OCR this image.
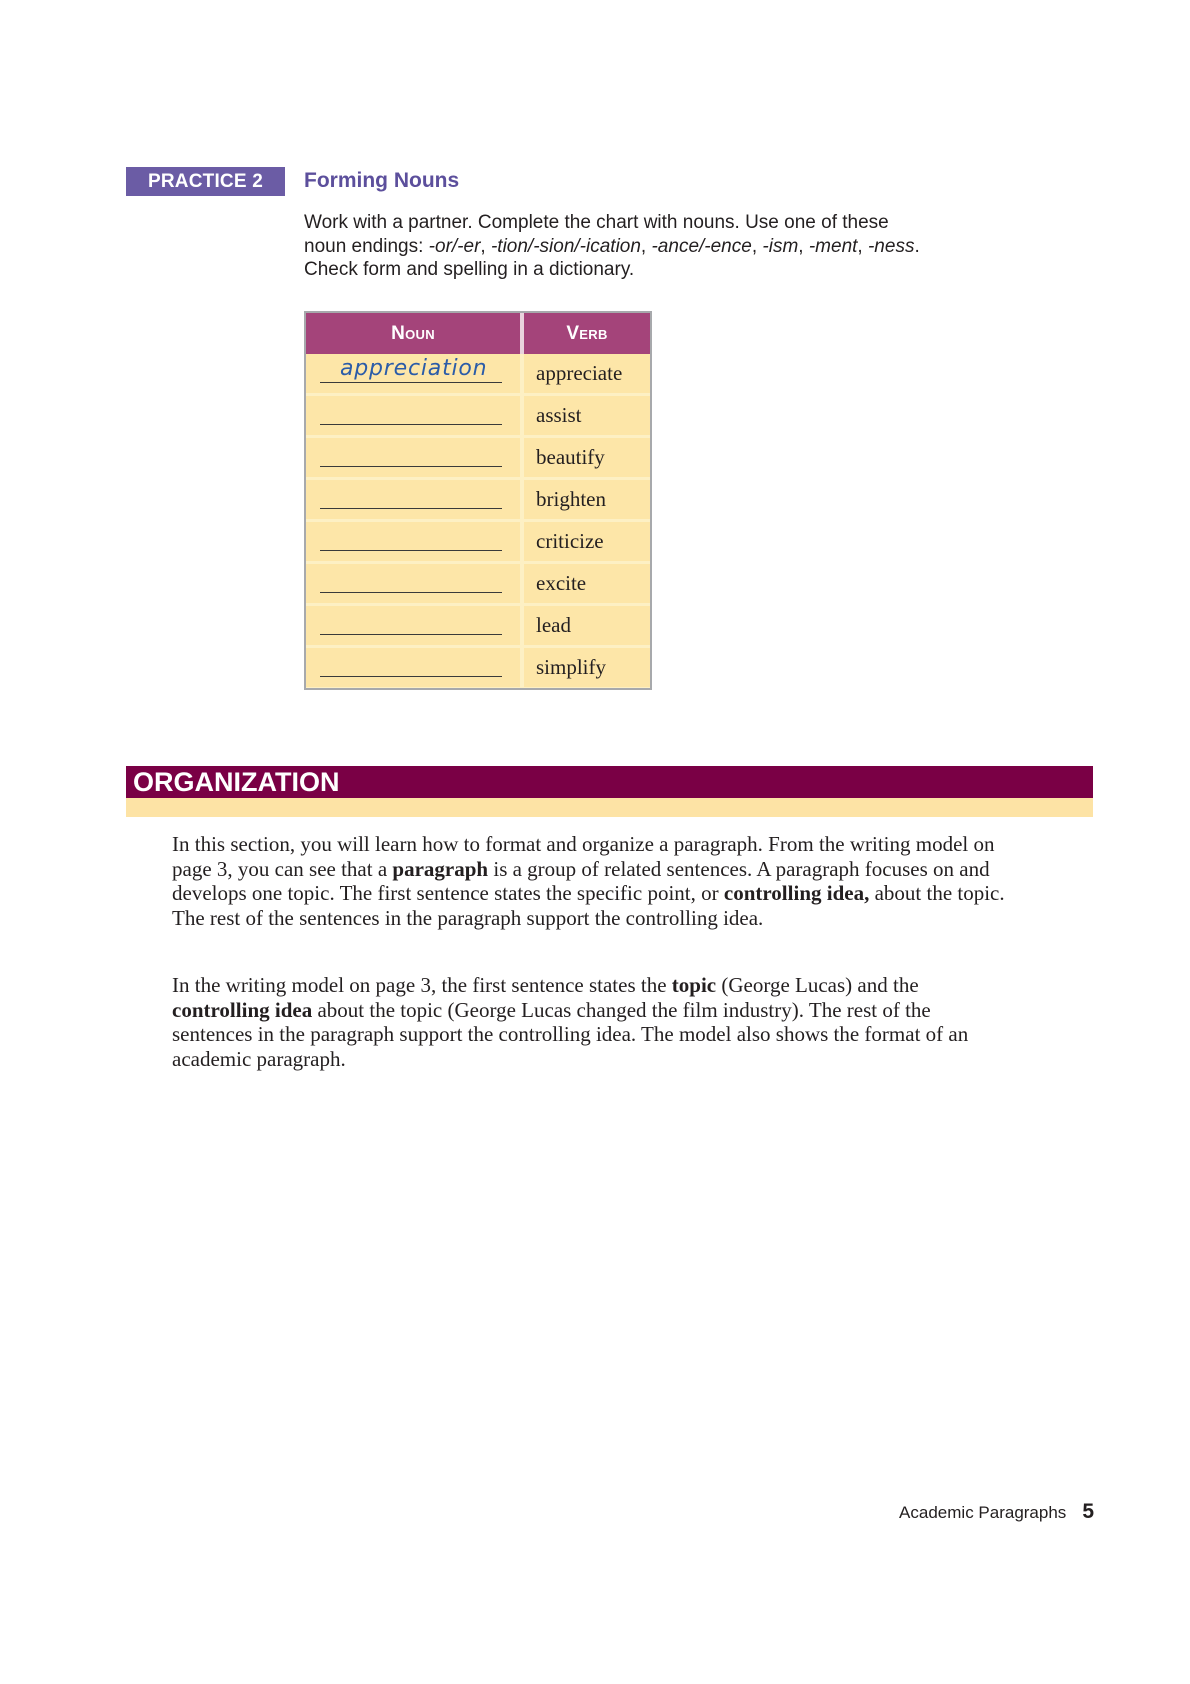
PRACTICE 2	Forming Nouns
Work with a partner. Complete the chart with nouns. Use one of these
noun endings: -or/-er, -tion/-sion/-ication, -ance/-ence, -ism, -ment, -ness.
Check form and spelling in a dictionary.
Noun	Verb
appreciation appreciate
assist
beautify
brighten
criticize
excite
lead
simplify
ORGANIZATION
In this section, you will learn how to format and organize a paragraph. From the writing model on page 3, you can see that a paragraph is a group of related sentences. A paragraph focuses on and develops one topic. The first sentence states the specific point, or controlling idea, about the topic. The rest of the sentences in the paragraph support the controlling idea.
In the writing model on page 3, the first sentence states the topic (George Lucas) and the controlling idea about the topic (George Lucas changed the film industry). The rest of the sentences in the paragraph support the controlling idea. The model also shows the format of an academic paragraph.
Academic Paragraphs 5
